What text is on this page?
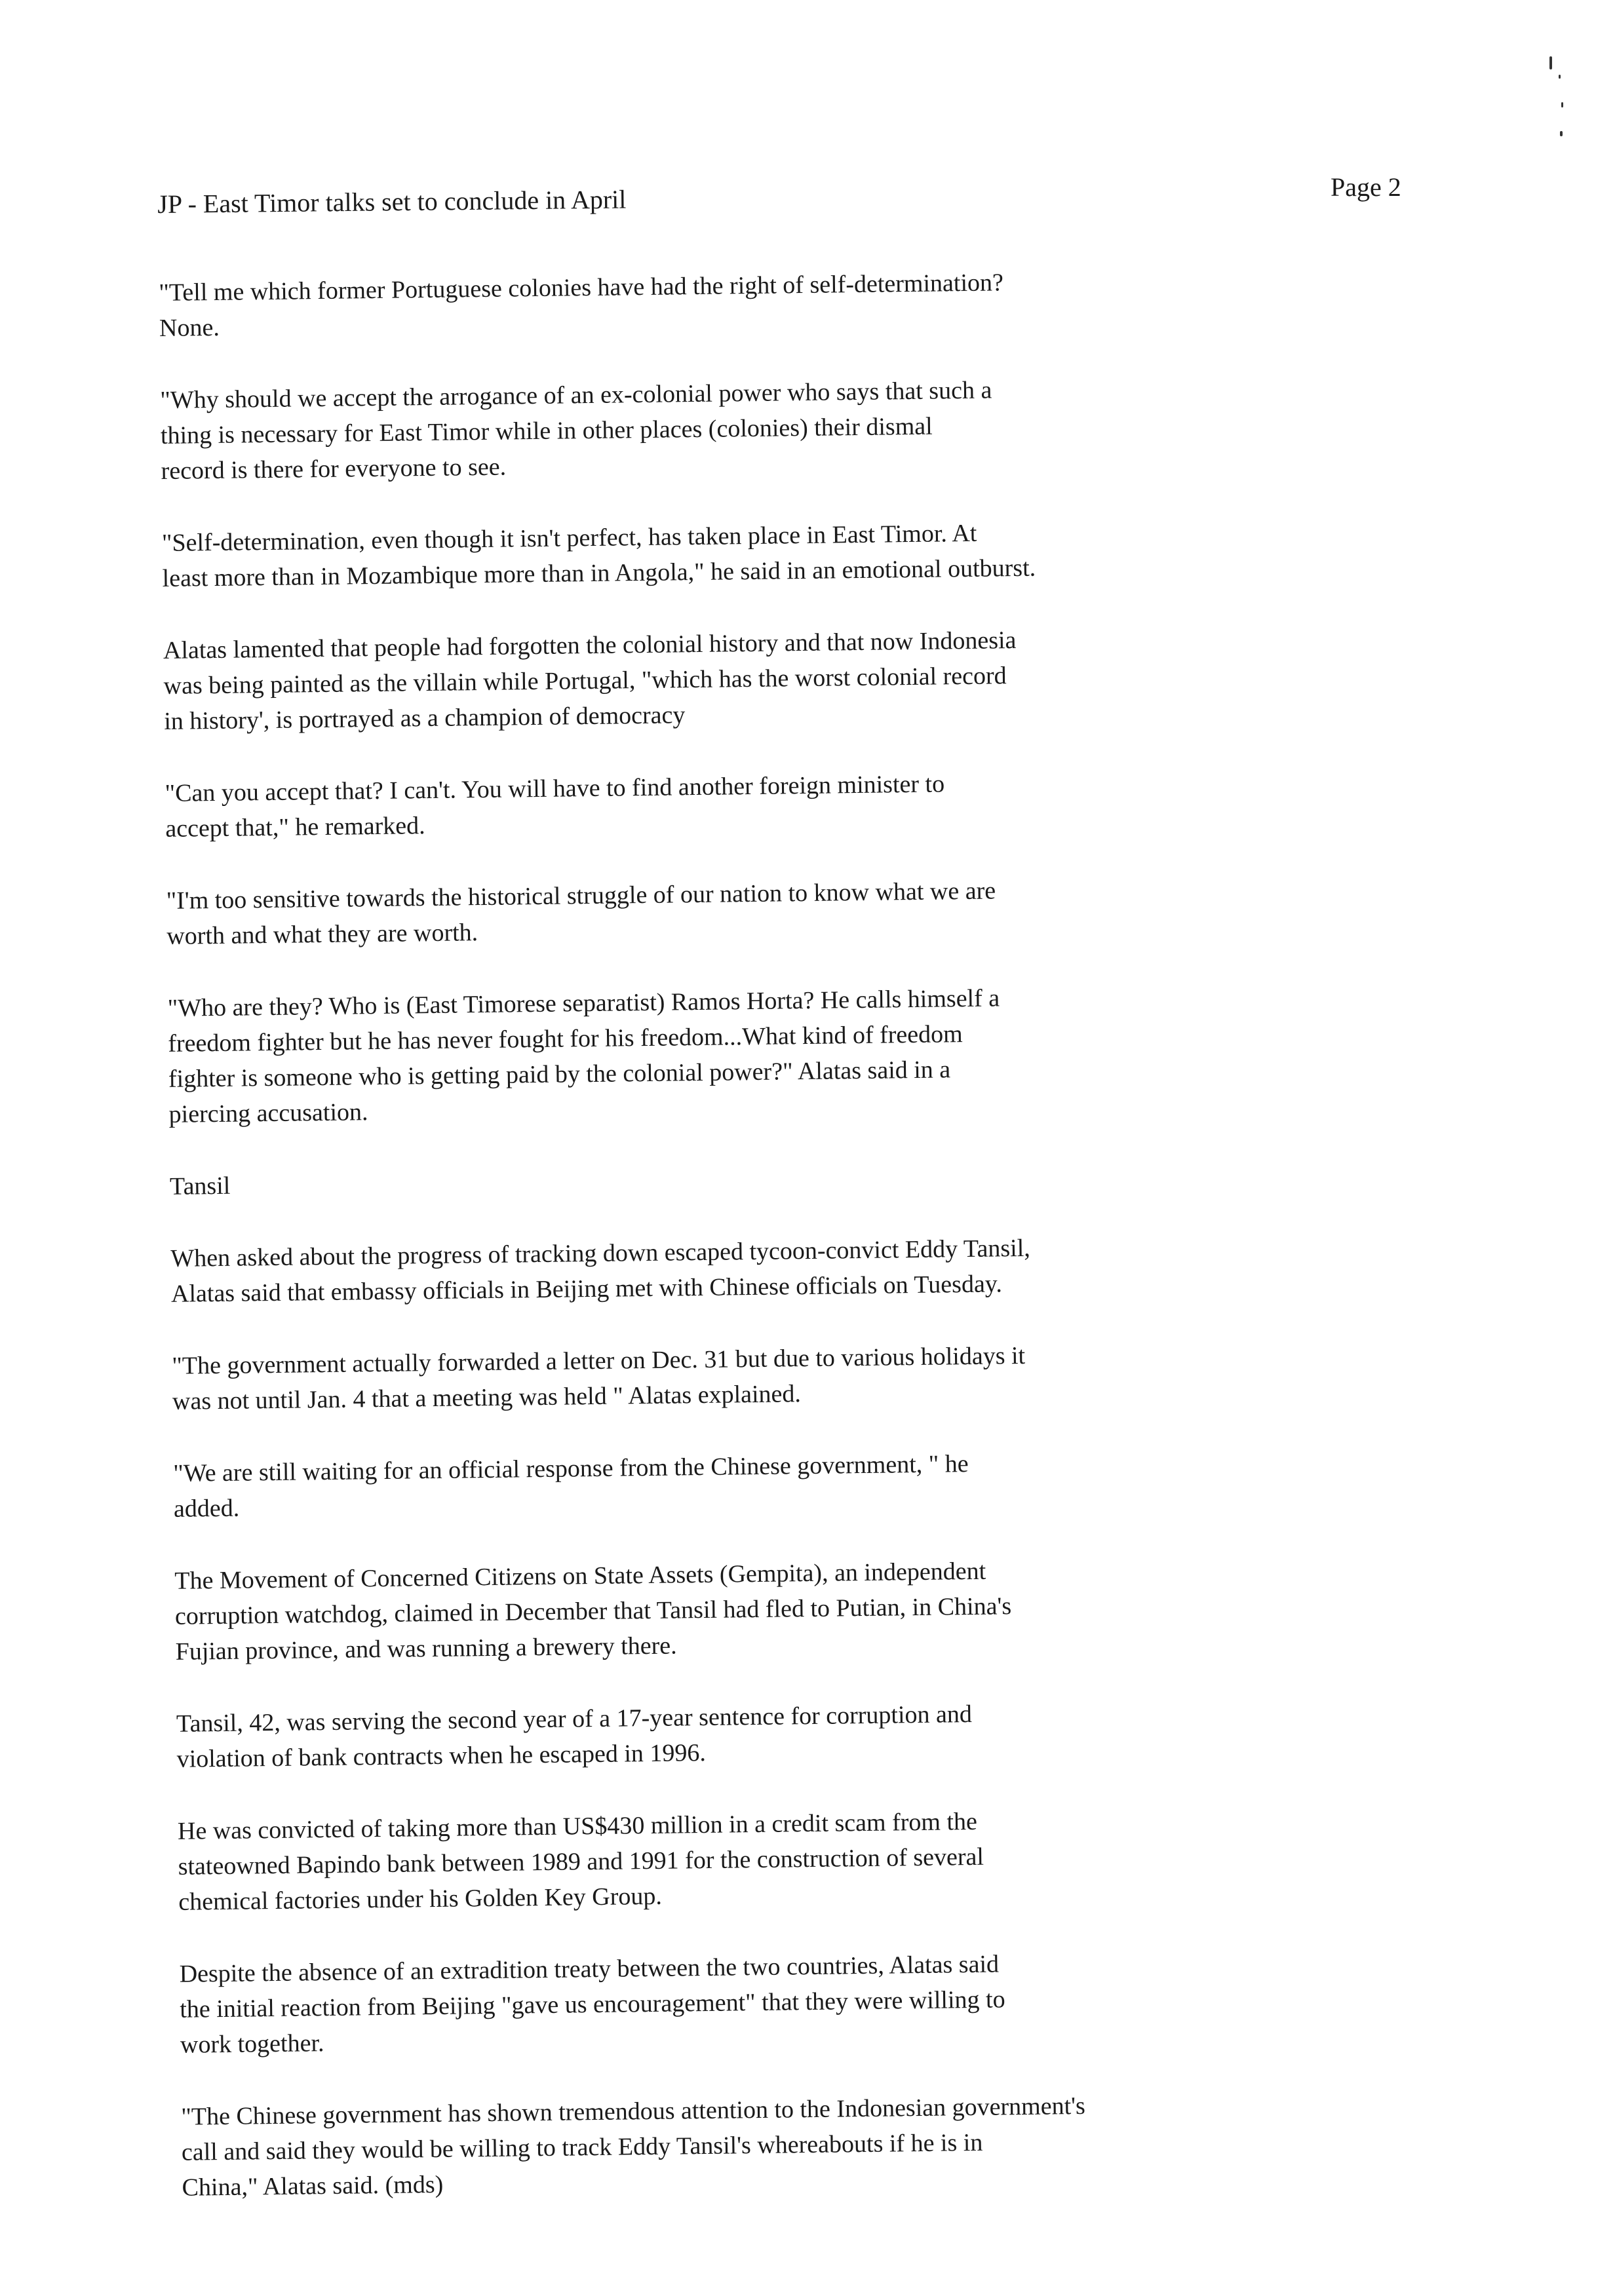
JP - East Timor talks set to conclude in April	Page 2

"Tell me which former Portuguese colonies have had the right of self-determination?
None.

"Why should we accept the arrogance of an ex-colonial power who says that such a
thing is necessary for East Timor while in other places (colonies) their dismal
record is there for everyone to see.

"Self-determination, even though it isn't perfect, has taken place in East Timor. At
least more than in Mozambique more than in Angola," he said in an emotional outburst.

Alatas lamented that people had forgotten the colonial history and that now Indonesia
was being painted as the villain while Portugal, "which has the worst colonial record
in history', is portrayed as a champion of democracy

"Can you accept that? I can't. You will have to find another foreign minister to
accept that," he remarked.

"I'm too sensitive towards the historical struggle of our nation to know what we are
worth and what they are worth.

"Who are they? Who is (East Timorese separatist) Ramos Horta? He calls himself a
freedom fighter but he has never fought for his freedom...What kind of freedom
fighter is someone who is getting paid by the colonial power?" Alatas said in a
piercing accusation.

Tansil

When asked about the progress of tracking down escaped tycoon-convict Eddy Tansil,
Alatas said that embassy officials in Beijing met with Chinese officials on Tuesday.

"The government actually forwarded a letter on Dec. 31 but due to various holidays it
was not until Jan. 4 that a meeting was held " Alatas explained.

"We are still waiting for an official response from the Chinese government, " he
added.

The Movement of Concerned Citizens on State Assets (Gempita), an independent
corruption watchdog, claimed in December that Tansil had fled to Putian, in China's
Fujian province, and was running a brewery there.

Tansil, 42, was serving the second year of a 17-year sentence for corruption and
violation of bank contracts when he escaped in 1996.

He was convicted of taking more than US$430 million in a credit scam from the
stateowned Bapindo bank between 1989 and 1991 for the construction of several
chemical factories under his Golden Key Group.

Despite the absence of an extradition treaty between the two countries, Alatas said
the initial reaction from Beijing "gave us encouragement" that they were willing to
work together.

"The Chinese government has shown tremendous attention to the Indonesian government's
call and said they would be willing to track Eddy Tansil's whereabouts if he is in
China," Alatas said. (mds)
